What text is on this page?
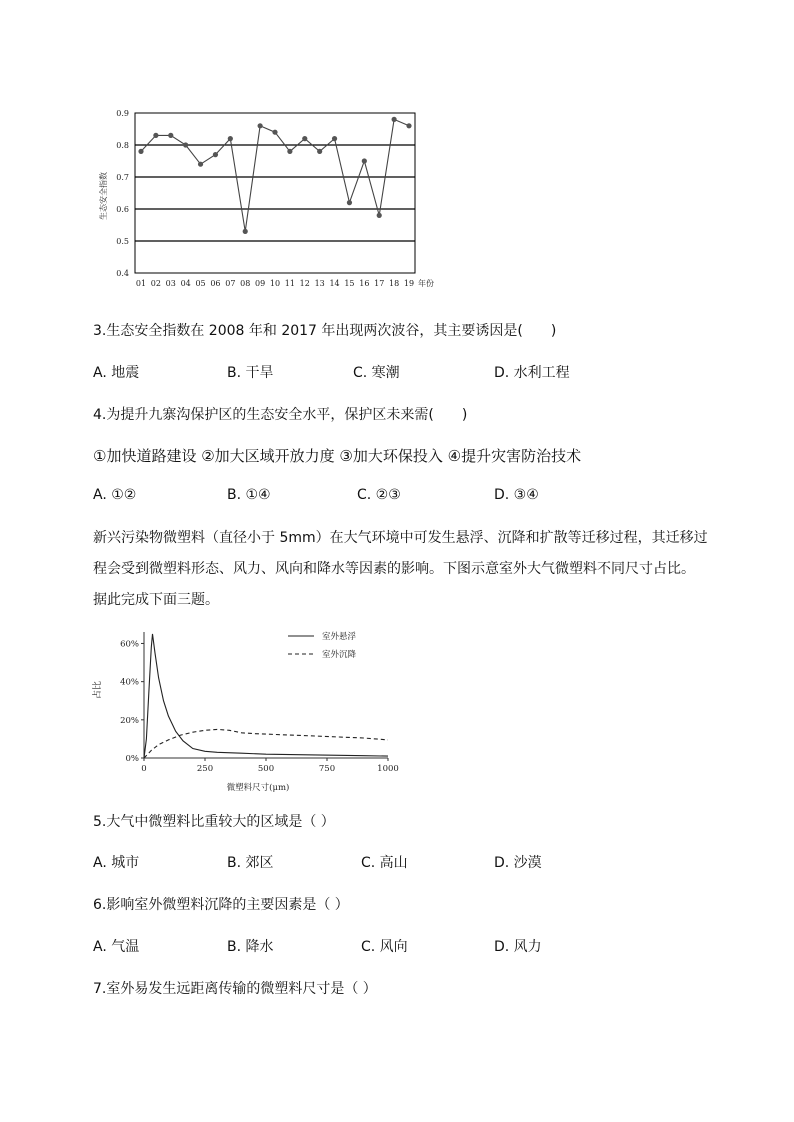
0.4
0.5
0.6
0.7
0.8
0.9
01 02 03 04 05 06 07 08 09 10 11 12 13 14 15 16 17 18 19 年份
生态安全指数
3.生态安全指数在 2008 年和 2017 年出现两次波谷，其主要诱因是(　　)
A. 地震	B. 干旱	C. 寒潮	D. 水利工程
4.为提升九寨沟保护区的生态安全水平，保护区未来需(　　)
①加快道路建设 ②加大区域开放力度 ③加大环保投入 ④提升灾害防治技术
A. ①②	B. ①④	C. ②③	D. ③④
新兴污染物微塑料（直径小于 5mm）在大气环境中可发生悬浮、沉降和扩散等迁移过程，其迁移过
程会受到微塑料形态、风力、风向和降水等因素的影响。下图示意室外大气微塑料不同尺寸占比。
据此完成下面三题。
0%
20%
40%
60%
0	250	500	750	1000
室外悬浮
室外沉降
占比
微塑料尺寸(μm)
5.大气中微塑料比重较大的区域是（ ）
A. 城市	B. 郊区	C. 高山	D. 沙漠
6.影响室外微塑料沉降的主要因素是（ ）
A. 气温	B. 降水	C. 风向	D. 风力
7.室外易发生远距离传输的微塑料尺寸是（ ）
